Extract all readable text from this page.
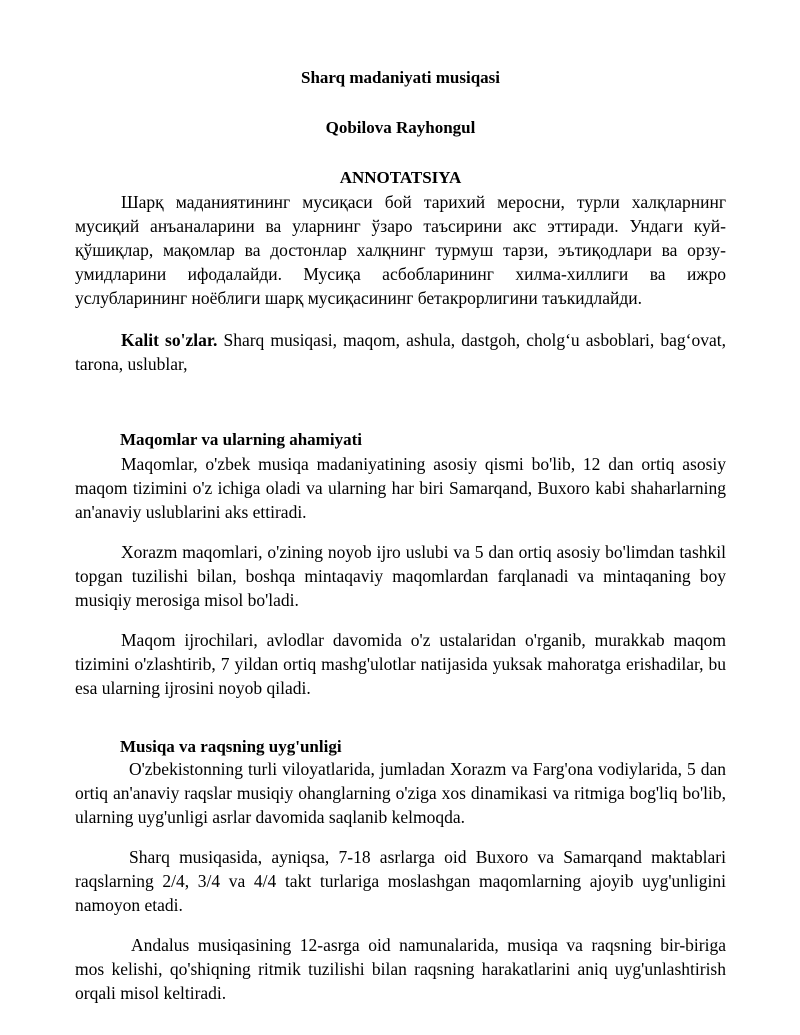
Sharq madaniyati musiqasi
Qobilova Rayhongul
ANNOTATSIYA

Шарқ маданиятининг мусиқаси бой тарихий меросни, турли халқларнинг мусиқий анъаналарини ва уларнинг ўзаро таъсирини акс эттиради. Ундаги куй-қўшиқлар, мақомлар ва достонлар халқнинг турмуш тарзи, эътиқодлари ва орзу-умидларини ифодалайди. Мусиқа асбобларининг хилма-хиллиги ва ижро услубларининг ноёблиги шарқ мусиқасининг бетакрорлигини таъкидлайди.

Kalit so'zlar. Sharq musiqasi, maqom, ashula, dastgoh, cholg‘u asboblari, bag‘ovat, tarona, uslublar,

Maqomlar va ularning ahamiyati

Maqomlar, o'zbek musiqa madaniyatining asosiy qismi bo'lib, 12 dan ortiq asosiy maqom tizimini o'z ichiga oladi va ularning har biri Samarqand, Buxoro kabi shaharlarning an'anaviy uslublarini aks ettiradi.

Xorazm maqomlari, o'zining noyob ijro uslubi va 5 dan ortiq asosiy bo'limdan tashkil topgan tuzilishi bilan, boshqa mintaqaviy maqomlardan farqlanadi va mintaqaning boy musiqiy merosiga misol bo'ladi.

Maqom ijrochilari, avlodlar davomida o'z ustalaridan o'rganib, murakkab maqom tizimini o'zlashtirib, 7 yildan ortiq mashg'ulotlar natijasida yuksak mahoratga erishadilar, bu esa ularning ijrosini noyob qiladi.

Musiqa va raqsning uyg'unligi

O'zbekistonning turli viloyatlarida, jumladan Xorazm va Farg'ona vodiylarida, 5 dan ortiq an'anaviy raqslar musiqiy ohanglarning o'ziga xos dinamikasi va ritmiga bog'liq bo'lib, ularning uyg'unligi asrlar davomida saqlanib kelmoqda.

Sharq musiqasida, ayniqsa, 7-18 asrlarga oid Buxoro va Samarqand maktablari raqslarning 2/4, 3/4 va 4/4 takt turlariga moslashgan maqomlarning ajoyib uyg'unligini namoyon etadi.

Andalus musiqasining 12-asrga oid namunalarida, musiqa va raqsning bir-biriga mos kelishi, qo'shiqning ritmik tuzilishi bilan raqsning harakatlarini aniq uyg'unlashtirish orqali misol keltiradi.
